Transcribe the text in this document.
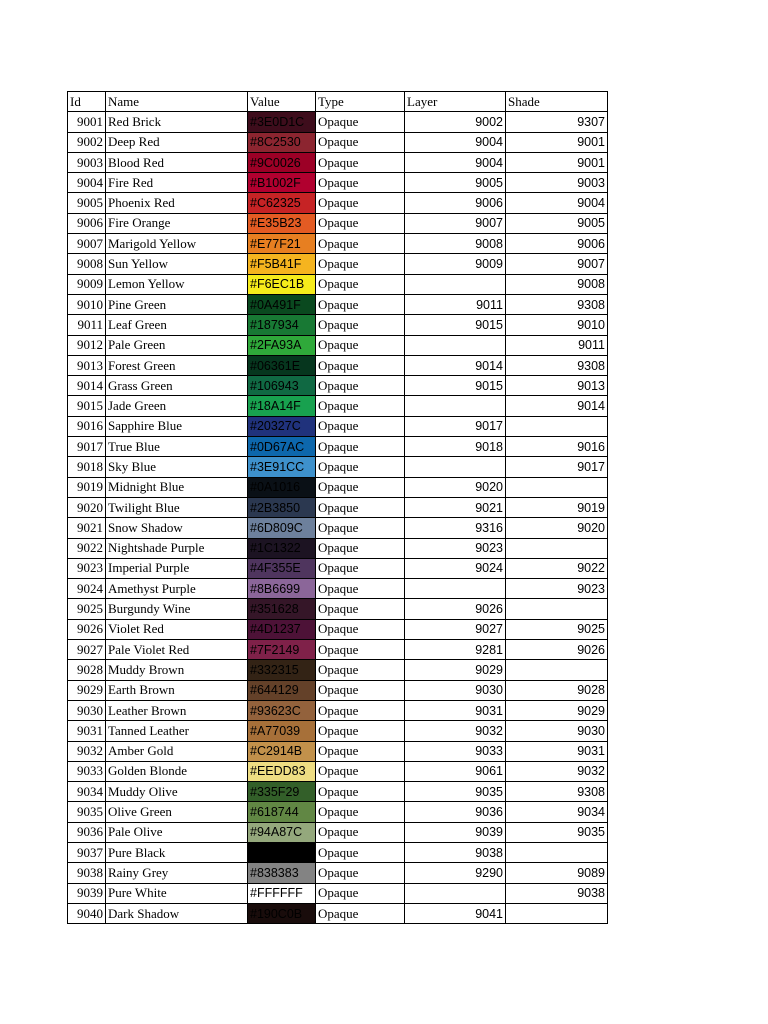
Id	Name	Value	Type	Layer	Shade
9001	Red Brick	#3E0D1C	Opaque	9002	9307
9002	Deep Red	#8C2530	Opaque	9004	9001
9003	Blood Red	#9C0026	Opaque	9004	9001
9004	Fire Red	#B1002F	Opaque	9005	9003
9005	Phoenix Red	#C62325	Opaque	9006	9004
9006	Fire Orange	#E35B23	Opaque	9007	9005
9007	Marigold Yellow	#E77F21	Opaque	9008	9006
9008	Sun Yellow	#F5B41F	Opaque	9009	9007
9009	Lemon Yellow	#F6EC1B	Opaque		9008
9010	Pine Green	#0A491F	Opaque	9011	9308
9011	Leaf Green	#187934	Opaque	9015	9010
9012	Pale Green	#2FA93A	Opaque		9011
9013	Forest Green	#06361E	Opaque	9014	9308
9014	Grass Green	#106943	Opaque	9015	9013
9015	Jade Green	#18A14F	Opaque		9014
9016	Sapphire Blue	#20327C	Opaque	9017	
9017	True Blue	#0D67AC	Opaque	9018	9016
9018	Sky Blue	#3E91CC	Opaque		9017
9019	Midnight Blue	#0A1016	Opaque	9020	
9020	Twilight Blue	#2B3850	Opaque	9021	9019
9021	Snow Shadow	#6D809C	Opaque	9316	9020
9022	Nightshade Purple	#1C1322	Opaque	9023	
9023	Imperial Purple	#4F355E	Opaque	9024	9022
9024	Amethyst Purple	#8B6699	Opaque		9023
9025	Burgundy Wine	#351628	Opaque	9026	
9026	Violet Red	#4D1237	Opaque	9027	9025
9027	Pale Violet Red	#7F2149	Opaque	9281	9026
9028	Muddy Brown	#332315	Opaque	9029	
9029	Earth Brown	#644129	Opaque	9030	9028
9030	Leather Brown	#93623C	Opaque	9031	9029
9031	Tanned Leather	#A77039	Opaque	9032	9030
9032	Amber Gold	#C2914B	Opaque	9033	9031
9033	Golden Blonde	#EEDD83	Opaque	9061	9032
9034	Muddy Olive	#335F29	Opaque	9035	9308
9035	Olive Green	#618744	Opaque	9036	9034
9036	Pale Olive	#94A87C	Opaque	9039	9035
9037	Pure Black		Opaque	9038	
9038	Rainy Grey	#838383	Opaque	9290	9089
9039	Pure White	#FFFFFF	Opaque		9038
9040	Dark Shadow	#190C0B	Opaque	9041	
